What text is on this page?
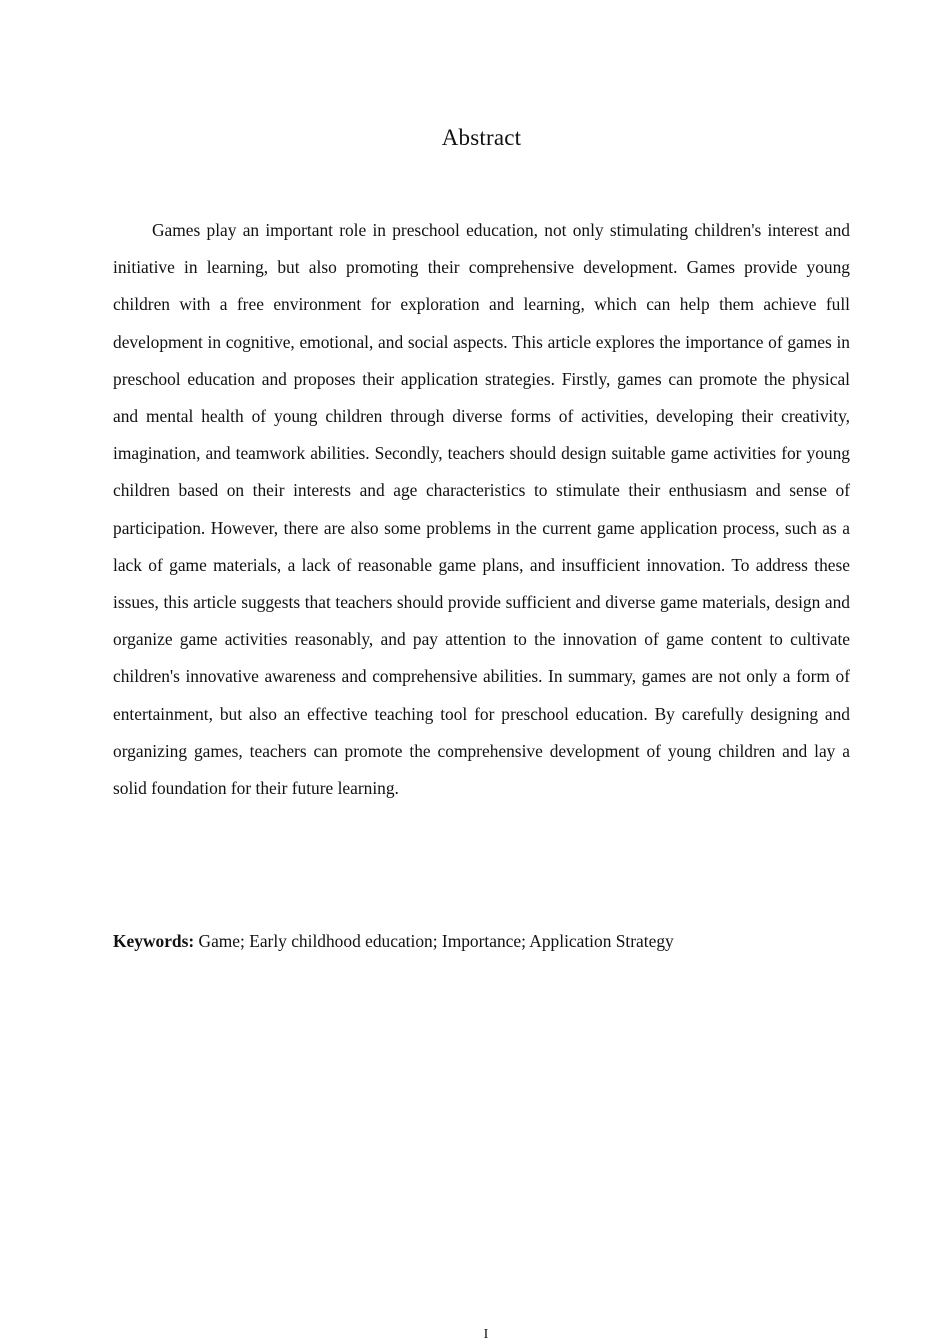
Abstract

Games play an important role in preschool education, not only stimulating children's interest and initiative in learning, but also promoting their comprehensive development. Games provide young children with a free environment for exploration and learning, which can help them achieve full development in cognitive, emotional, and social aspects. This article explores the importance of games in preschool education and proposes their application strategies. Firstly, games can promote the physical and mental health of young children through diverse forms of activities, developing their creativity, imagination, and teamwork abilities. Secondly, teachers should design suitable game activities for young children based on their interests and age characteristics to stimulate their enthusiasm and sense of participation. However, there are also some problems in the current game application process, such as a lack of game materials, a lack of reasonable game plans, and insufficient innovation. To address these issues, this article suggests that teachers should provide sufficient and diverse game materials, design and organize game activities reasonably, and pay attention to the innovation of game content to cultivate children's innovative awareness and comprehensive abilities. In summary, games are not only a form of entertainment, but also an effective teaching tool for preschool education. By carefully designing and organizing games, teachers can promote the comprehensive development of young children and lay a solid foundation for their future learning.

Keywords: Game; Early childhood education; Importance; Application Strategy

I
